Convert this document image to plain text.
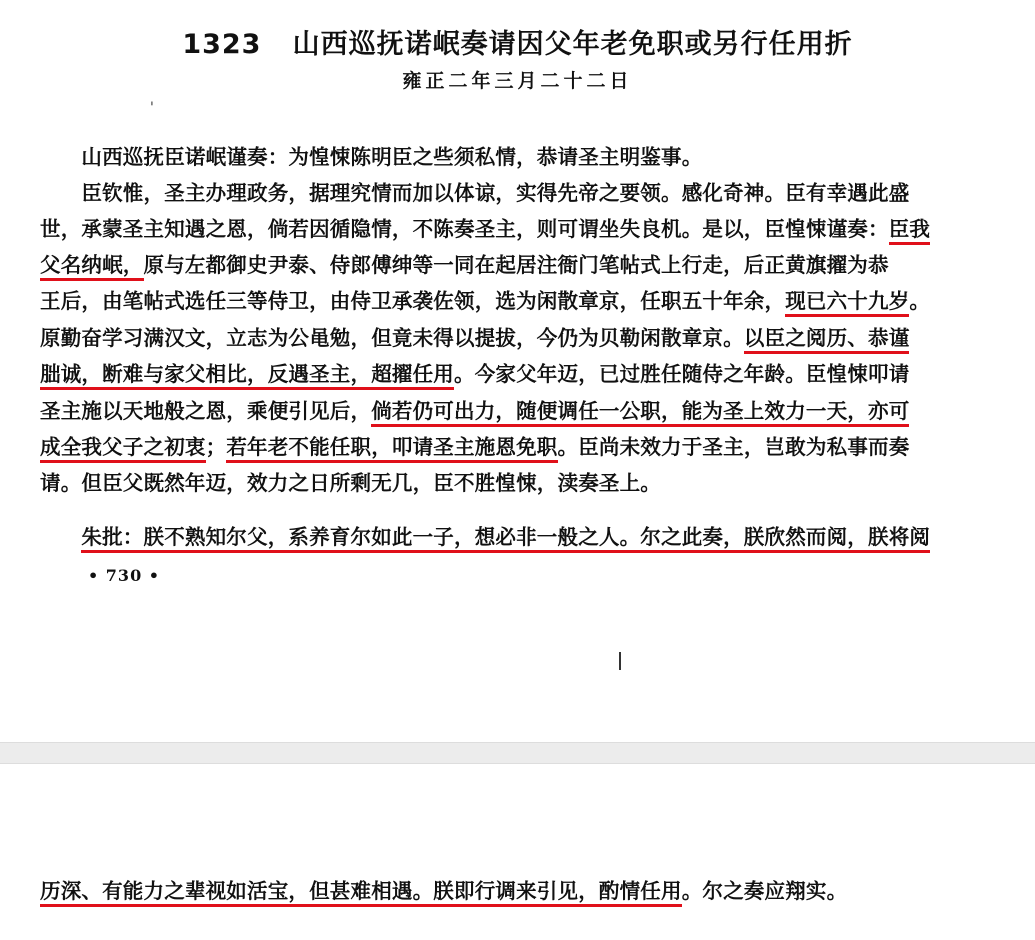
1323   山西巡抚诺岷奏请因父年老免职或另行任用折
雍正二年三月二十二日
'
　　山西巡抚臣诺岷谨奏：为惶悚陈明臣之些须私情，恭请圣主明鉴事。
　　臣钦惟，圣主办理政务，据理究情而加以体谅，实得先帝之要领。感化奇神。臣有幸遇此盛
世，承蒙圣主知遇之恩，倘若因循隐情，不陈奏圣主，则可谓坐失良机。是以，臣惶悚谨奏：臣我
父名纳岷，原与左都御史尹泰、侍郎傅绅等一同在起居注衙门笔帖式上行走，后正黄旗擢为恭
王后，由笔帖式选任三等侍卫，由侍卫承袭佐领，选为闲散章京，任职五十年余，现已六十九岁。
原勤奋学习满汉文，立志为公黾勉，但竟未得以提拔，今仍为贝勒闲散章京。以臣之阅历、恭谨
朏诚，断难与家父相比，反遇圣主，超擢任用。今家父年迈，已过胜任随侍之年龄。臣惶悚叩请
圣主施以天地般之恩，乘便引见后，倘若仍可出力，随便调任一公职，能为圣上效力一天，亦可
成全我父子之初衷；若年老不能任职，叩请圣主施恩免职。臣尚未效力于圣主，岂敢为私事而奏
请。但臣父既然年迈，效力之日所剩无几，臣不胜惶悚，渎奏圣上。
　　朱批：朕不熟知尔父，系养育尔如此一子，想必非一般之人。尔之此奏，朕欣然而阅，朕将阅
• 730 •
历深、有能力之辈视如活宝，但甚难相遇。朕即行调来引见，酌情任用。尔之奏应翔实。
